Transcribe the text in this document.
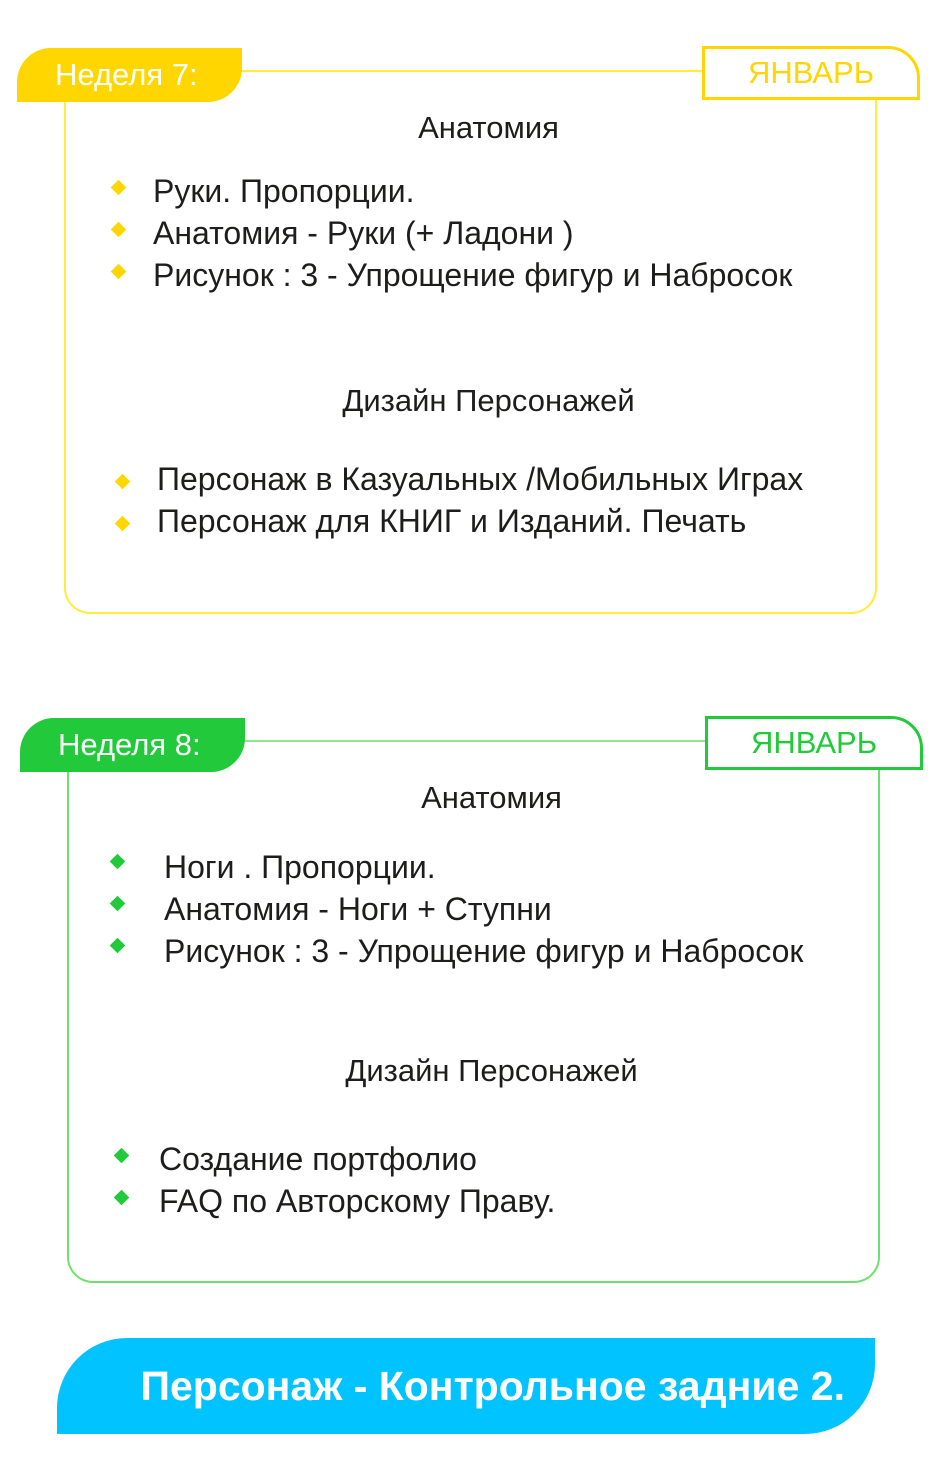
Неделя 7:	ЯНВАРЬ
Анатомия
Руки. Пропорции.
Анатомия - Руки (+ Ладони )
Рисунок : 3 - Упрощение фигур и Набросок
Дизайн Персонажей
Персонаж в Казуальных /Мобильных Играх
Персонаж для КНИГ и Изданий. Печать
Неделя 8:	ЯНВАРЬ
Анатомия
Ноги . Пропорции.
Анатомия - Ноги + Ступни
Рисунок : 3 - Упрощение фигур и Набросок
Дизайн Персонажей
Создание портфолио
FAQ по Авторскому Праву.
Персонаж - Контрольное задние 2.
